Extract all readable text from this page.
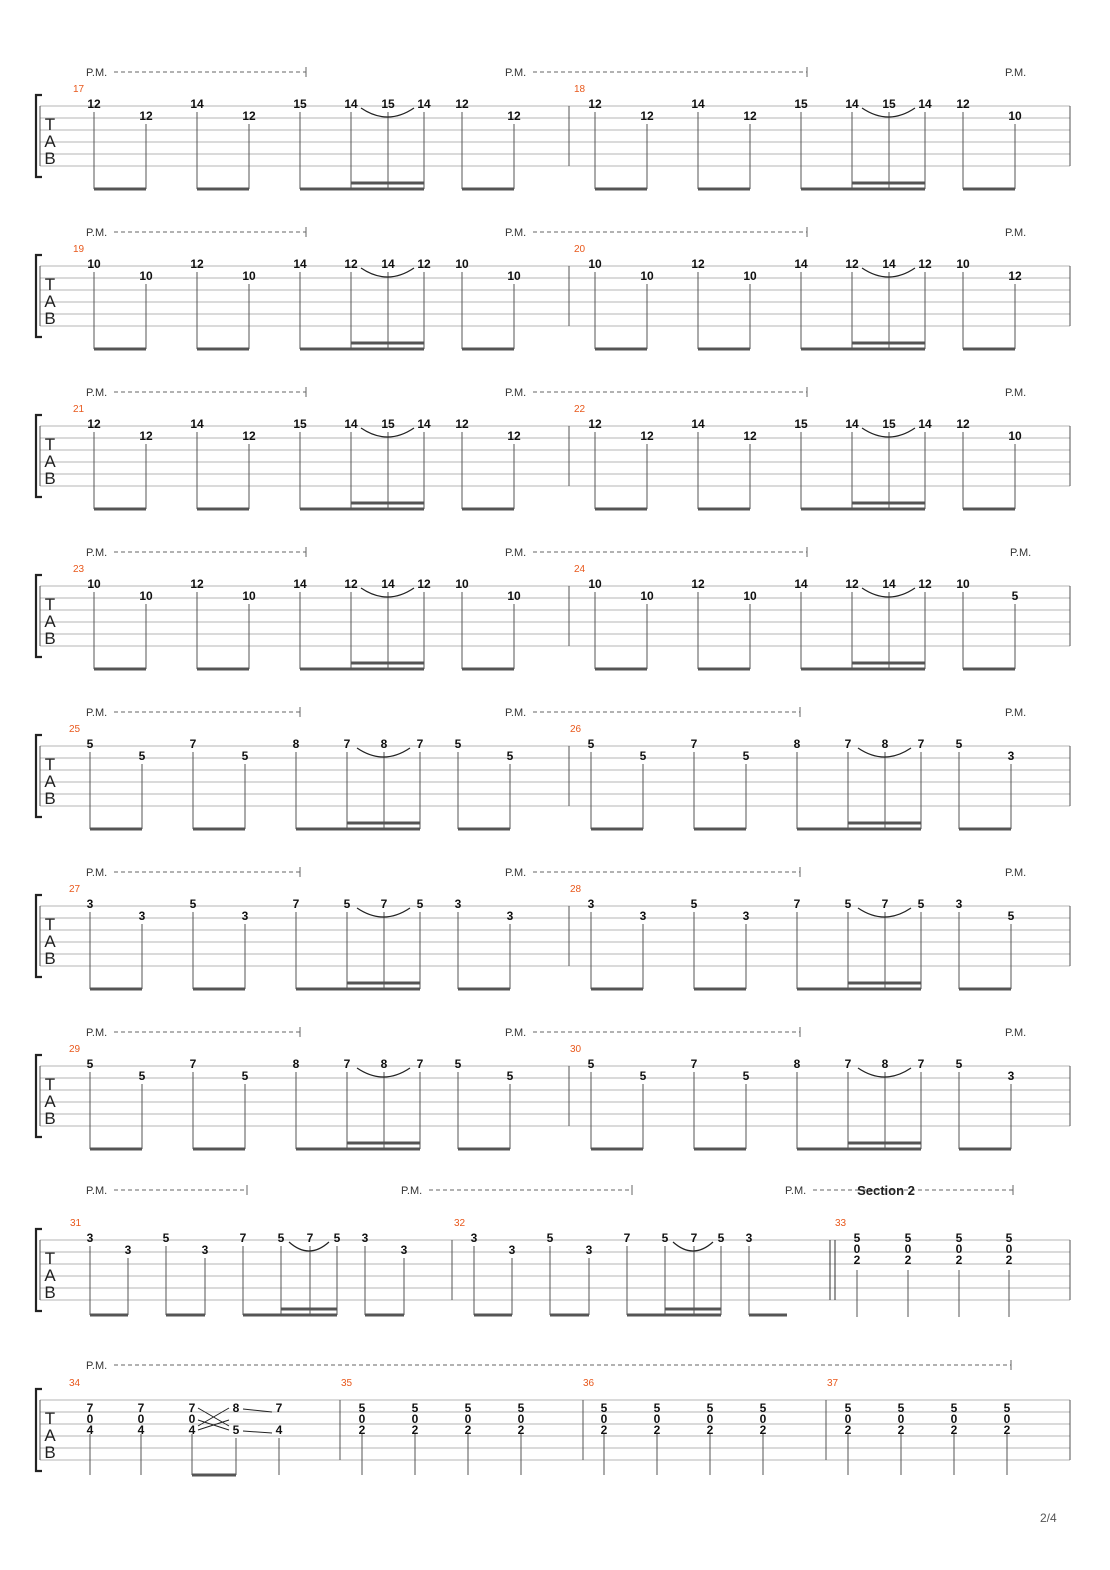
T
A
B
P.M.	P.M.	P.M.
17
12
12
14
12
15	14 15 14 12
12
18
12
12
14
12
15	14 15 14 12
10
T
A
B
P.M.	P.M.	P.M.
19
10
10
12
10
14	12 14 12 10
10
20
10
10
12
10
14	12 14 12 10
12
T
A
B
P.M.	P.M.	P.M.
21
12
12
14
12
15	14 15 14 12
12
22
12
12
14
12
15	14 15 14 12
10
T
A
B
P.M.	P.M.	P.M.
23
10
10
12
10
14	12 14 12 10
10
24
10
10
12
10
14	12 14 12 10
5
T
A
B
P.M.	P.M.	P.M.
25
5
5
7
5
8	7	8 7	5
5
26
5
5
7
5
8	7	8 7	5
3
T
A
B
P.M.	P.M.	P.M.
27
3
3
5
3
7	5	7 5	3
3
28
3
3
5
3
7	5	7 5	3
5
T
A
B
P.M.	P.M.	P.M.
29
5
5
7
5
8	7	8 7	5
5
30
5
5
7
5
8	7	8 7	5
3
T
A
B
P.M.	P.M.	P.M.	Section 2
31
3
3
5
3
7	5 7 5 3
3
32
3
3
5
3
7	5 7 5 3
33
5
0
2
5
0
2
5
0
2
5
0
2
T
A
B
P.M.
34
7
0
4
7
0
4
7
0
4
8
5
7
4
35
5
0
2
5
0
2
5
0
2
5
0
2
36
5
0
2
5
0
2
5
0
2
5
0
2
37
5
0
2
5
0
2
5
0
2
5
0
2
2/4
